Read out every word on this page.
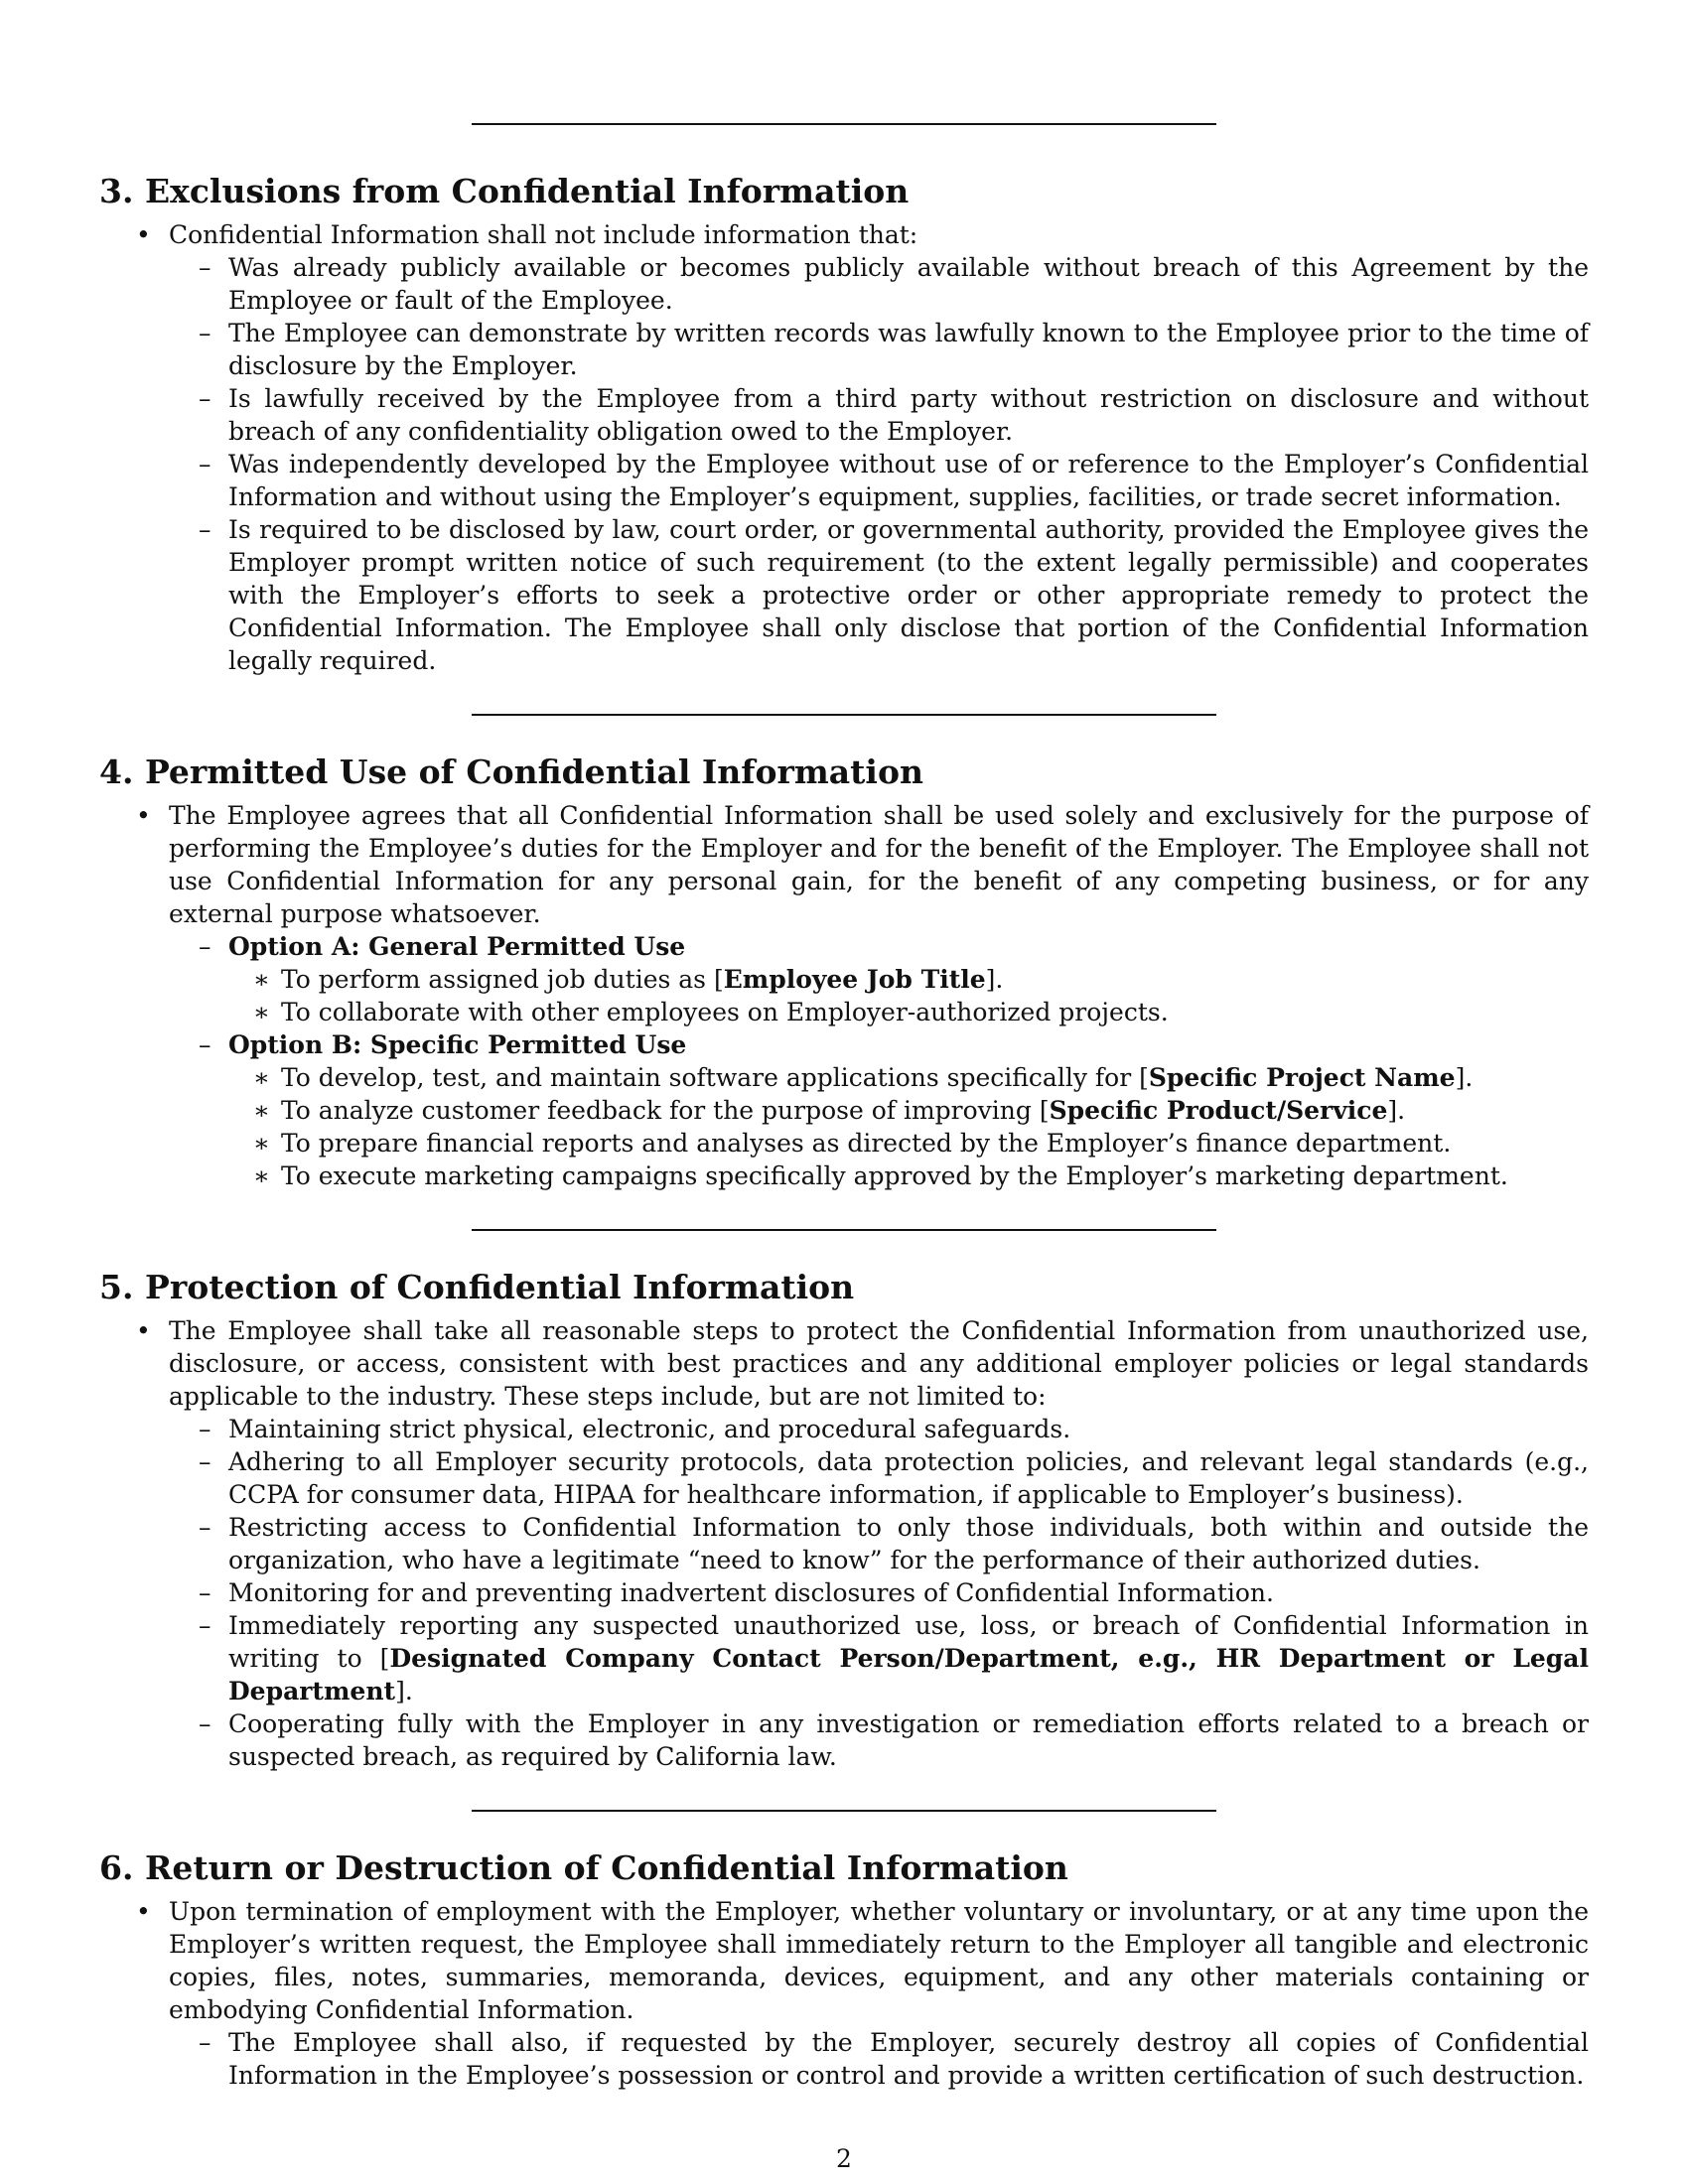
3. Exclusions from Confidential Information
• Confidential Information shall not include information that:
– Was already publicly available or becomes publicly available without breach of this Agreement by the Employee or fault of the Employee.
– The Employee can demonstrate by written records was lawfully known to the Employee prior to the time of disclosure by the Employer.
– Is lawfully received by the Employee from a third party without restriction on disclosure and without breach of any confidentiality obligation owed to the Employer.
– Was independently developed by the Employee without use of or reference to the Employer’s Confidential Information and without using the Employer’s equipment, supplies, facilities, or trade secret information.
– Is required to be disclosed by law, court order, or governmental authority, provided the Employee gives the Employer prompt written notice of such requirement (to the extent legally permissible) and cooperates with the Employer’s efforts to seek a protective order or other appropriate remedy to protect the Confidential Information. The Employee shall only disclose that portion of the Confidential Information legally required.
4. Permitted Use of Confidential Information
• The Employee agrees that all Confidential Information shall be used solely and exclusively for the purpose of performing the Employee’s duties for the Employer and for the benefit of the Employer. The Employee shall not use Confidential Information for any personal gain, for the benefit of any competing business, or for any external purpose whatsoever.
– Option A: General Permitted Use
∗ To perform assigned job duties as [Employee Job Title].
∗ To collaborate with other employees on Employer-authorized projects.
– Option B: Specific Permitted Use
∗ To develop, test, and maintain software applications specifically for [Specific Project Name].
∗ To analyze customer feedback for the purpose of improving [Specific Product/Service].
∗ To prepare financial reports and analyses as directed by the Employer’s finance department.
∗ To execute marketing campaigns specifically approved by the Employer’s marketing department.
5. Protection of Confidential Information
• The Employee shall take all reasonable steps to protect the Confidential Information from unauthorized use, disclosure, or access, consistent with best practices and any additional employer policies or legal standards applicable to the industry. These steps include, but are not limited to:
– Maintaining strict physical, electronic, and procedural safeguards.
– Adhering to all Employer security protocols, data protection policies, and relevant legal standards (e.g., CCPA for consumer data, HIPAA for healthcare information, if applicable to Employer’s business).
– Restricting access to Confidential Information to only those individuals, both within and outside the organization, who have a legitimate “need to know” for the performance of their authorized duties.
– Monitoring for and preventing inadvertent disclosures of Confidential Information.
– Immediately reporting any suspected unauthorized use, loss, or breach of Confidential Information in writing to [Designated Company Contact Person/Department, e.g., HR Department or Legal Department].
– Cooperating fully with the Employer in any investigation or remediation efforts related to a breach or suspected breach, as required by California law.
6. Return or Destruction of Confidential Information
• Upon termination of employment with the Employer, whether voluntary or involuntary, or at any time upon the Employer’s written request, the Employee shall immediately return to the Employer all tangible and electronic copies, files, notes, summaries, memoranda, devices, equipment, and any other materials containing or embodying Confidential Information.
– The Employee shall also, if requested by the Employer, securely destroy all copies of Confidential Information in the Employee’s possession or control and provide a written certification of such destruction.
2
